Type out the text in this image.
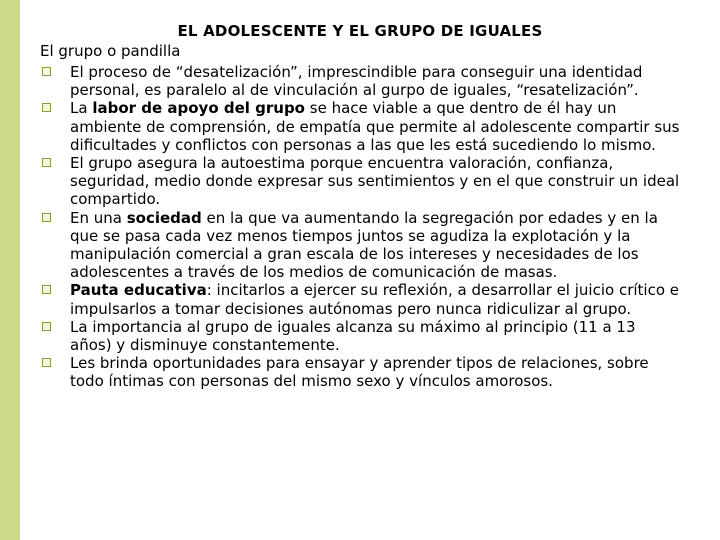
EL ADOLESCENTE Y EL GRUPO DE IGUALES
El grupo o pandilla
El proceso de “desatelización”, imprescindible para conseguir una identidad personal, es paralelo al de vinculación al gurpo de iguales, “resatelización”.
La labor de apoyo del grupo se hace viable a que dentro de él hay un ambiente de comprensión, de empatía que permite al adolescente compartir sus dificultades y conflictos con personas a las que les está sucediendo lo mismo.
El grupo asegura la autoestima porque encuentra valoración, confianza, seguridad, medio donde expresar sus sentimientos y en el que construir un ideal compartido.
En una sociedad en la que va aumentando la segregación por edades y en la que se pasa cada vez menos tiempos juntos se agudiza la explotación y la manipulación comercial a gran escala de los intereses y necesidades de los adolescentes a través de los medios de comunicación de masas.
Pauta educativa: incitarlos a ejercer su reflexión, a desarrollar el juicio crítico e impulsarlos a tomar decisiones autónomas pero nunca ridiculizar al grupo.
La importancia al grupo de iguales alcanza su máximo al principio (11 a 13 años) y disminuye constantemente.
Les brinda oportunidades para ensayar y aprender tipos de relaciones, sobre todo íntimas con personas del mismo sexo y vínculos amorosos.
